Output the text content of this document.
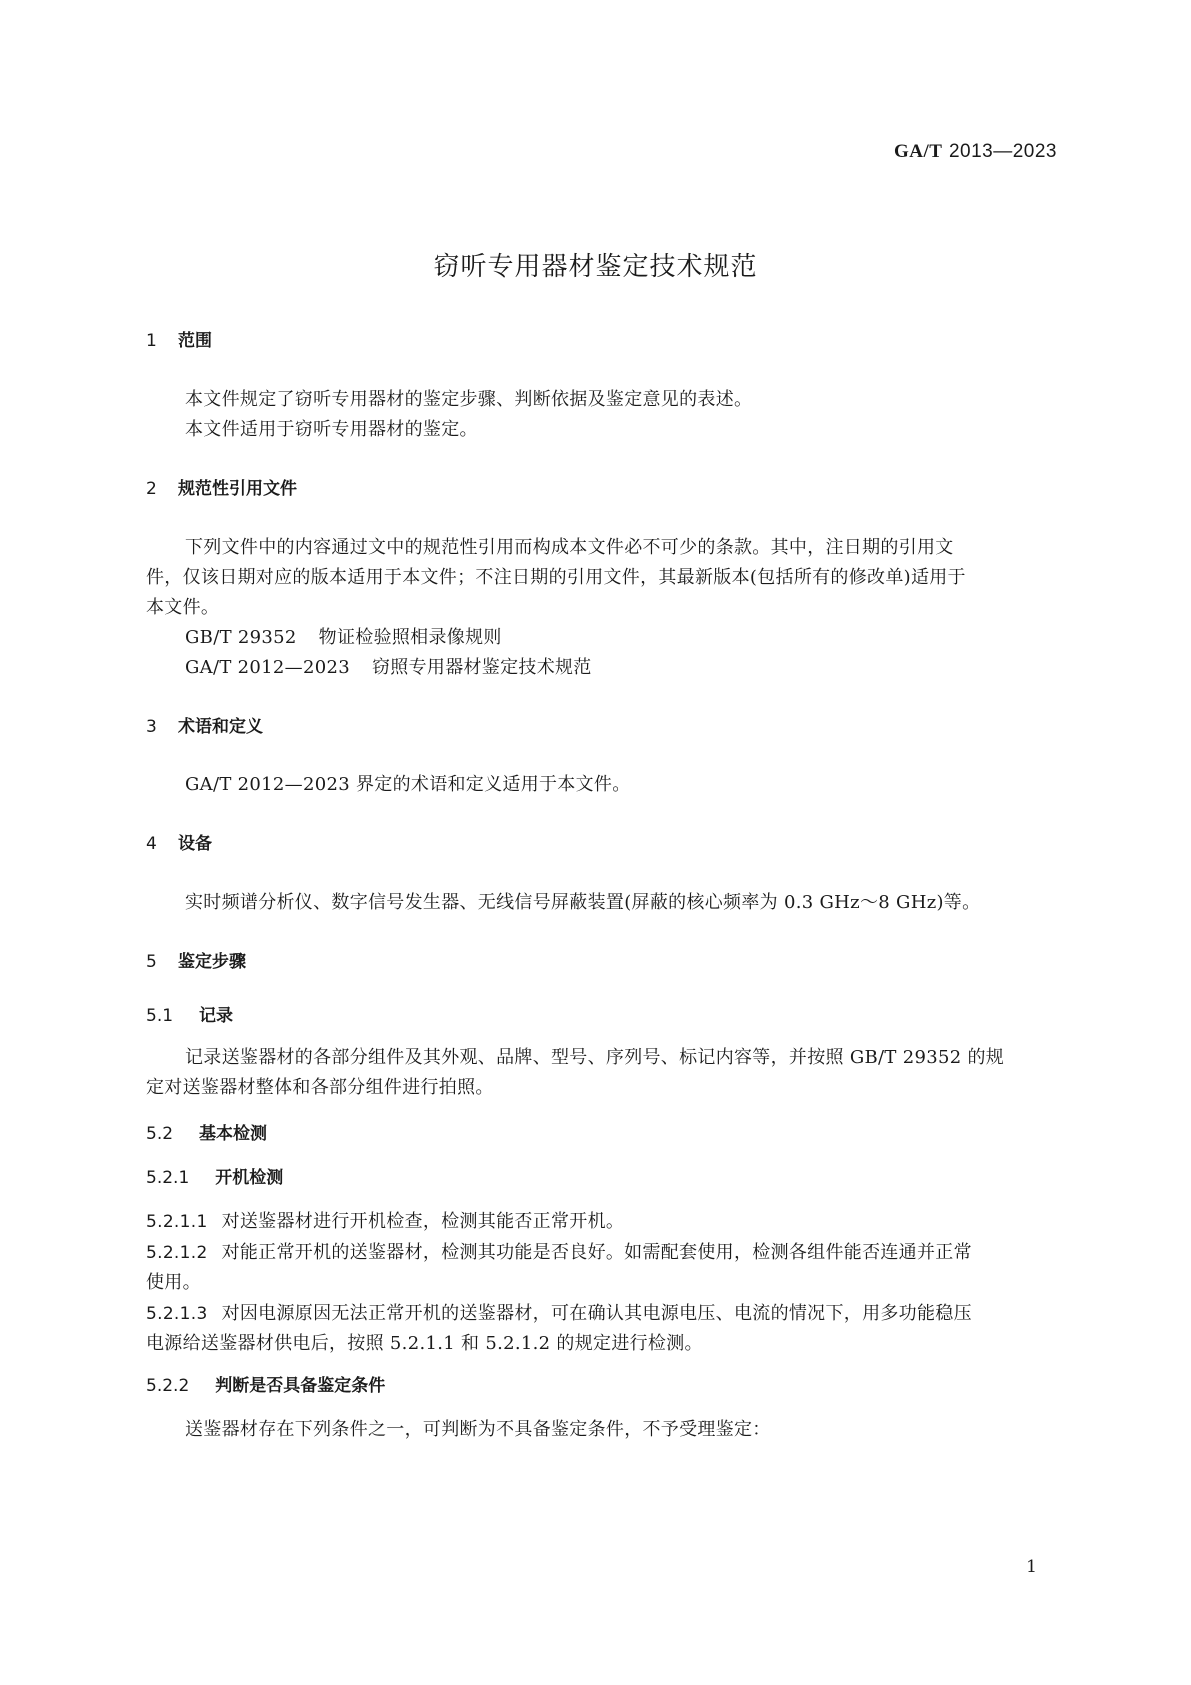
GA/T 2013—2023
窃听专用器材鉴定技术规范
1 范围
本文件规定了窃听专用器材的鉴定步骤、判断依据及鉴定意见的表述。
本文件适用于窃听专用器材的鉴定。
2 规范性引用文件
下列文件中的内容通过文中的规范性引用而构成本文件必不可少的条款。其中，注日期的引用文
件，仅该日期对应的版本适用于本文件；不注日期的引用文件，其最新版本(包括所有的修改单)适用于
本文件。
GB/T 29352 物证检验照相录像规则
GA/T 2012—2023 窃照专用器材鉴定技术规范
3 术语和定义
GA/T 2012—2023 界定的术语和定义适用于本文件。
4 设备
实时频谱分析仪、数字信号发生器、无线信号屏蔽装置(屏蔽的核心频率为 0.3 GHz～8 GHz)等。
5 鉴定步骤
5.1 记录
记录送鉴器材的各部分组件及其外观、品牌、型号、序列号、标记内容等，并按照 GB/T 29352 的规
定对送鉴器材整体和各部分组件进行拍照。
5.2 基本检测
5.2.1 开机检测
5.2.1.1 对送鉴器材进行开机检查，检测其能否正常开机。
5.2.1.2 对能正常开机的送鉴器材，检测其功能是否良好。如需配套使用，检测各组件能否连通并正常
使用。
5.2.1.3 对因电源原因无法正常开机的送鉴器材，可在确认其电源电压、电流的情况下，用多功能稳压
电源给送鉴器材供电后，按照 5.2.1.1 和 5.2.1.2 的规定进行检测。
5.2.2 判断是否具备鉴定条件
送鉴器材存在下列条件之一，可判断为不具备鉴定条件，不予受理鉴定：
1
